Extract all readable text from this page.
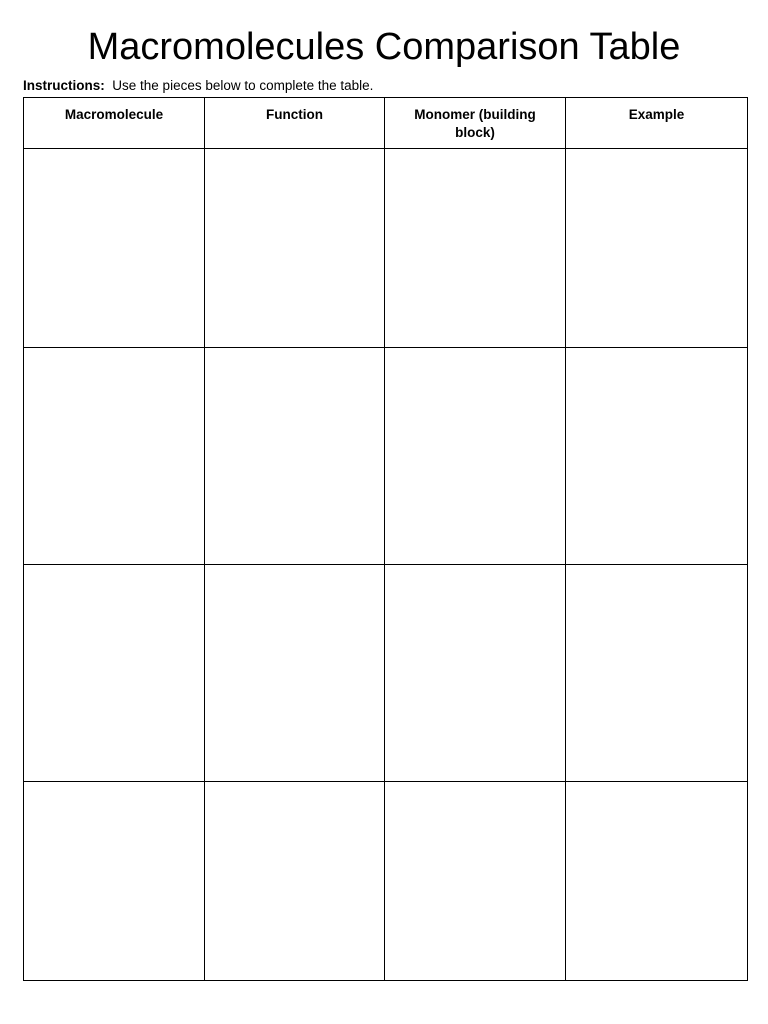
Macromolecules Comparison Table
Instructions: Use the pieces below to complete the table.
Macromolecule	Function	Monomer (building block)	Example
